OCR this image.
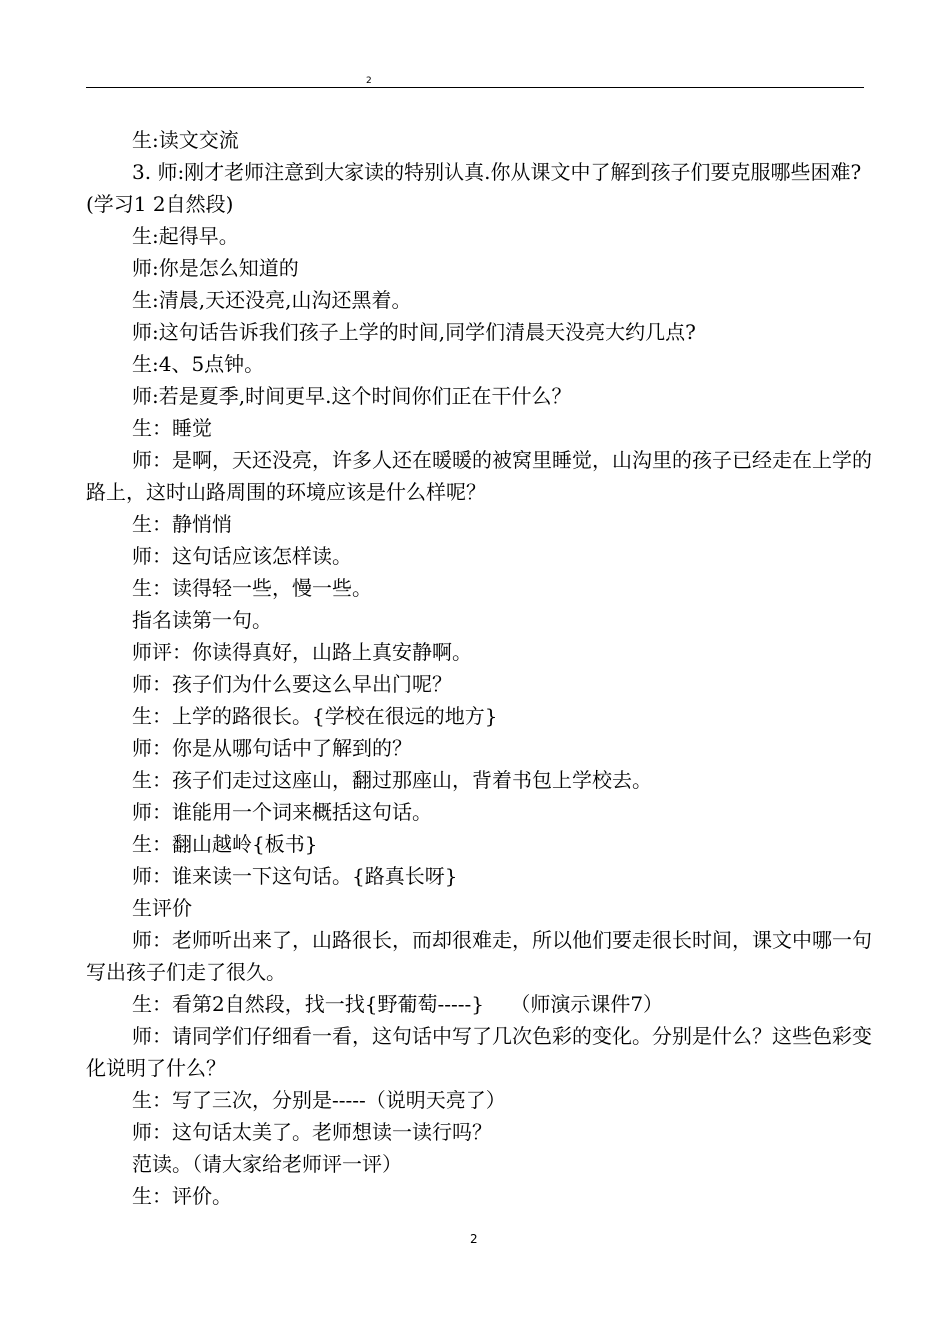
2

生:读文交流

3. 师:刚才老师注意到大家读的特别认真.你从课文中了解到孩子们要克服哪些困难?(学习1 2自然段)

生:起得早。

师:你是怎么知道的

生:清晨,天还没亮,山沟还黑着。

师:这句话告诉我们孩子上学的时间,同学们清晨天没亮大约几点?

生:4、5点钟。

师:若是夏季,时间更早.这个时间你们正在干什么？

生：睡觉

师：是啊，天还没亮，许多人还在暖暖的被窝里睡觉，山沟里的孩子已经走在上学的路上，这时山路周围的环境应该是什么样呢？

生：静悄悄

师：这句话应该怎样读。

生：读得轻一些，慢一些。

指名读第一句。

师评：你读得真好，山路上真安静啊。

师：孩子们为什么要这么早出门呢？

生：上学的路很长。{学校在很远的地方}

师：你是从哪句话中了解到的？

生：孩子们走过这座山，翻过那座山，背着书包上学校去。

师：谁能用一个词来概括这句话。

生：翻山越岭{板书}

师：谁来读一下这句话。{路真长呀}

生评价

师：老师听出来了，山路很长，而却很难走，所以他们要走很长时间，课文中哪一句写出孩子们走了很久。

生：看第2自然段，找一找{野葡萄-----}　 （师演示课件7）

师：请同学们仔细看一看，这句话中写了几次色彩的变化。分别是什么？这些色彩变化说明了什么？

生：写了三次，分别是-----（说明天亮了）

师：这句话太美了。老师想读一读行吗？

范读。（请大家给老师评一评）

生：评价。

2
